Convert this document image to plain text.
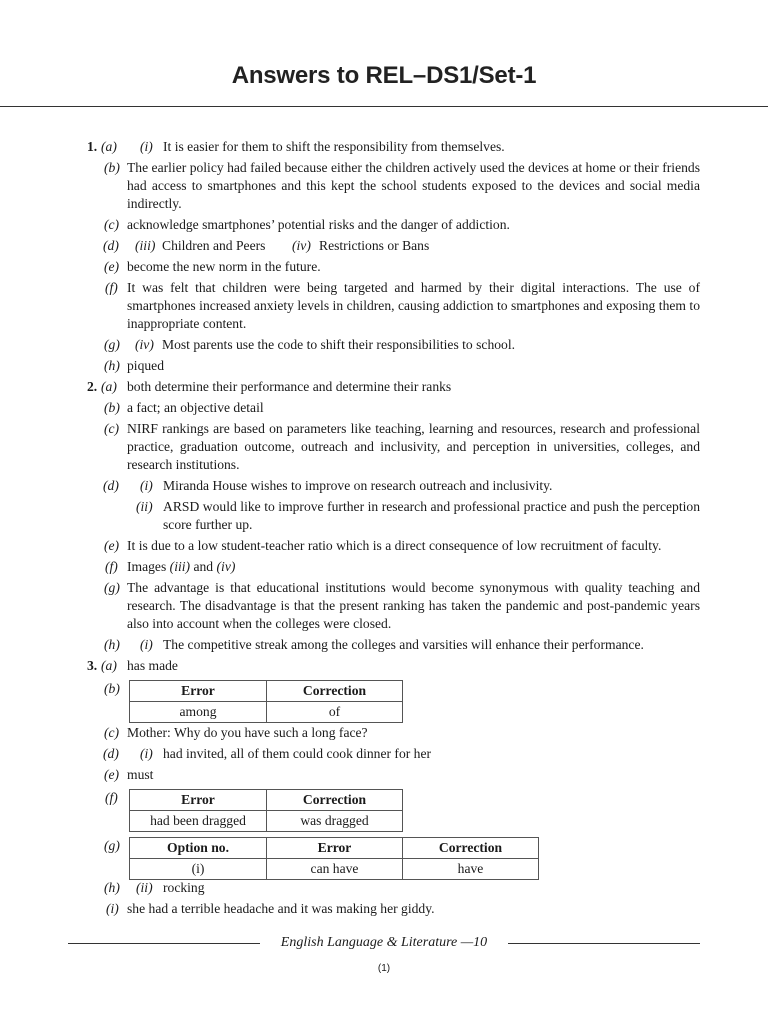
Answers to REL–DS1/Set-1
1. (a) (i) It is easier for them to shift the responsibility from themselves.
(b) The earlier policy had failed because either the children actively used the devices at home or their friends had access to smartphones and this kept the school students exposed to the devices and social media indirectly.
(c) acknowledge smartphones’ potential risks and the danger of addiction.
(d) (iii) Children and Peers (iv) Restrictions or Bans
(e) become the new norm in the future.
(f) It was felt that children were being targeted and harmed by their digital interactions. The use of smartphones increased anxiety levels in children, causing addiction to smartphones and exposing them to inappropriate content.
(g) (iv) Most parents use the code to shift their responsibilities to school.
(h) piqued
2. (a) both determine their performance and determine their ranks
(b) a fact; an objective detail
(c) NIRF rankings are based on parameters like teaching, learning and resources, research and professional practice, graduation outcome, outreach and inclusivity, and perception in universities, colleges, and research institutions.
(d) (i) Miranda House wishes to improve on research outreach and inclusivity.
(ii) ARSD would like to improve further in research and professional practice and push the perception score further up.
(e) It is due to a low student-teacher ratio which is a direct consequence of low recruitment of faculty.
(f) Images (iii) and (iv)
(g) The advantage is that educational institutions would become synonymous with quality teaching and research. The disadvantage is that the present ranking has taken the pandemic and post-pandemic years also into account when the colleges were closed.
(h) (i) The competitive streak among the colleges and varsities will enhance their performance.
3. (a) has made
(b)	Error	Correction
among	of
(c) Mother: Why do you have such a long face?
(d) (i) had invited, all of them could cook dinner for her
(e) must
(f)	Error	Correction
had been dragged	was dragged
(g)	Option no.	Error	Correction
(i)	can have	have
(h) (ii) rocking
(i) she had a terrible headache and it was making her giddy.
English Language & Literature —10
(1)
